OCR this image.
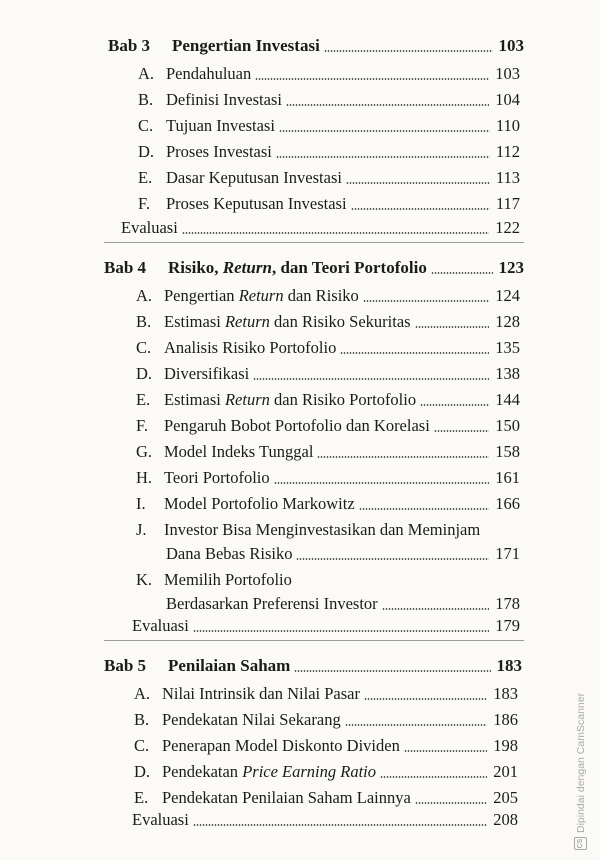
Bab 3	Pengertian Investasi	103
A. Pendahuluan	103
B. Definisi Investasi	104
C. Tujuan Investasi	110
D. Proses Investasi	112
E. Dasar Keputusan Investasi	113
F. Proses Keputusan Investasi	117
Evaluasi	122
Bab 4	Risiko, Return, dan Teori Portofolio	123
A. Pengertian Return dan Risiko	124
B. Estimasi Return dan Risiko Sekuritas	128
C. Analisis Risiko Portofolio	135
D. Diversifikasi	138
E. Estimasi Return dan Risiko Portofolio	144
F. Pengaruh Bobot Portofolio dan Korelasi	150
G. Model Indeks Tunggal	158
H. Teori Portofolio	161
I.	Model Portofolio Markowitz	166
J.	Investor Bisa Menginvestasikan dan Meminjam
Dana Bebas Risiko	171
K. Memilih Portofolio
Berdasarkan Preferensi Investor	178
Evaluasi	179
Bab 5	Penilaian Saham	183
A. Nilai Intrinsik dan Nilai Pasar	183
B. Pendekatan Nilai Sekarang	186
C. Penerapan Model Diskonto Dividen	198
D. Pendekatan Price Earning Ratio	201
E. Pendekatan Penilaian Saham Lainnya	205
Evaluasi	208
CS
Dipindai dengan CamScanner
